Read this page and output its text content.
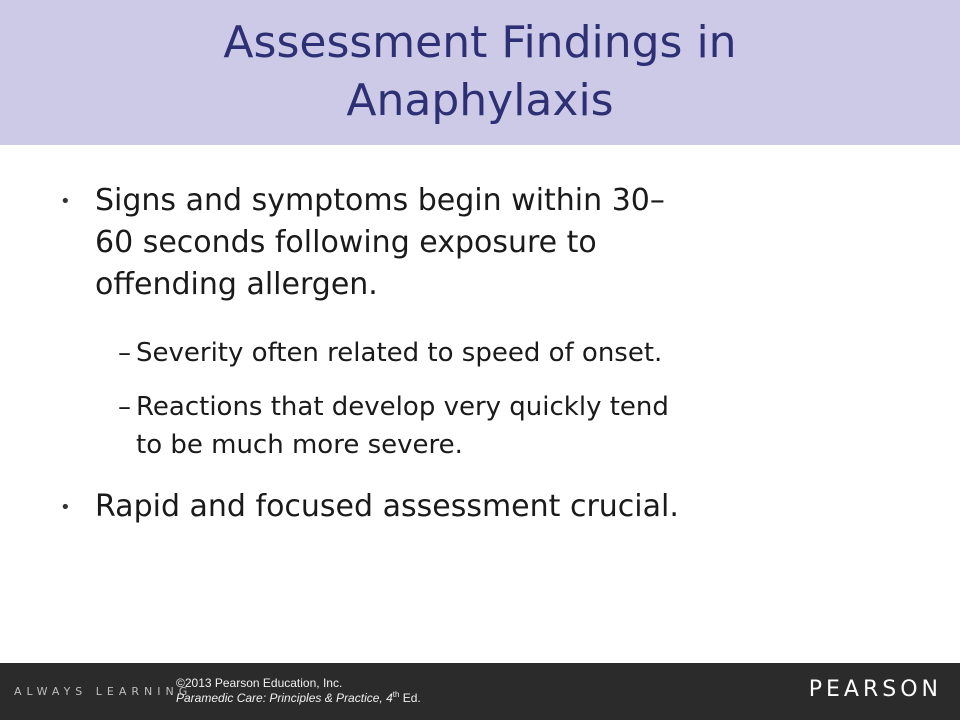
Assessment Findings in
Anaphylaxis
• Signs and symptoms begin within 30–
60 seconds following exposure to
offending allergen.

– Severity often related to speed of onset.

– Reactions that develop very quickly tend
to be much more severe.

• Rapid and focused assessment crucial.

ALWAYS LEARNING
©2013 Pearson Education, Inc.
Paramedic Care: Principles & Practice, 4th Ed.	PEARSON
